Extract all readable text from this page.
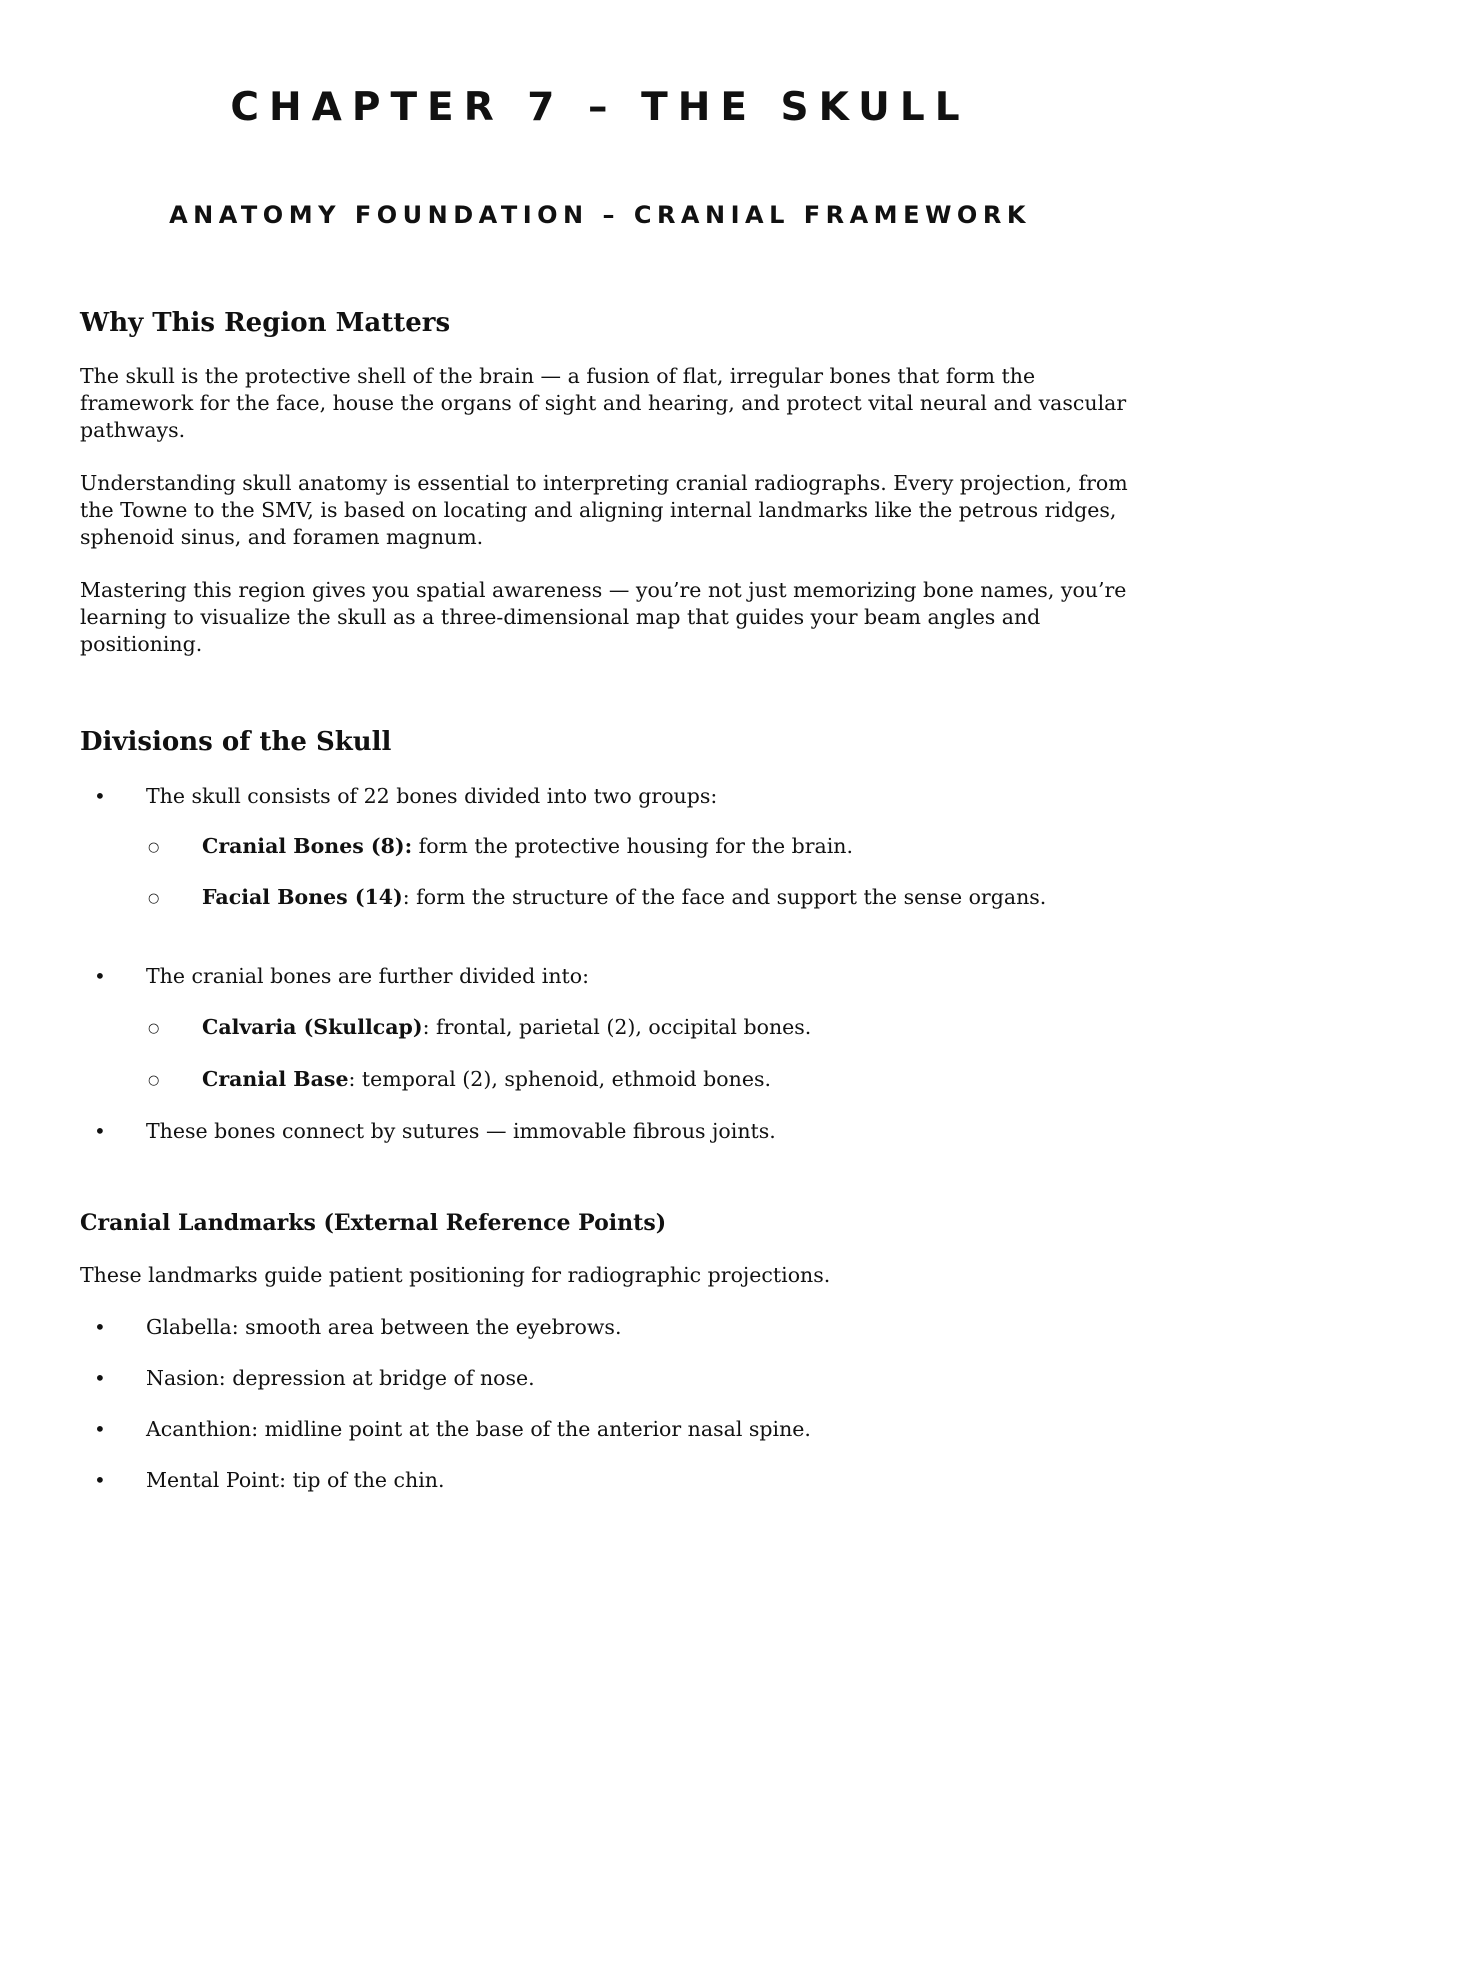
CHAPTER 7 – THE SKULL
ANATOMY FOUNDATION – CRANIAL FRAMEWORK
Why This Region Matters

The skull is the protective shell of the brain — a fusion of flat, irregular bones that form the framework for the face, house the organs of sight and hearing, and protect vital neural and vascular pathways.

Understanding skull anatomy is essential to interpreting cranial radiographs. Every projection, from the Towne to the SMV, is based on locating and aligning internal landmarks like the petrous ridges, sphenoid sinus, and foramen magnum.

Mastering this region gives you spatial awareness — you’re not just memorizing bone names, you’re learning to visualize the skull as a three-dimensional map that guides your beam angles and positioning.

Divisions of the Skull
• The skull consists of 22 bones divided into two groups:
○ Cranial Bones (8): form the protective housing for the brain.
○ Facial Bones (14): form the structure of the face and support the sense organs.
• The cranial bones are further divided into:
○ Calvaria (Skullcap): frontal, parietal (2), occipital bones.
○ Cranial Base: temporal (2), sphenoid, ethmoid bones.
• These bones connect by sutures — immovable fibrous joints.
Cranial Landmarks (External Reference Points)

These landmarks guide patient positioning for radiographic projections.

• Glabella: smooth area between the eyebrows.
• Nasion: depression at bridge of nose.
• Acanthion: midline point at the base of the anterior nasal spine.
• Mental Point: tip of the chin.
